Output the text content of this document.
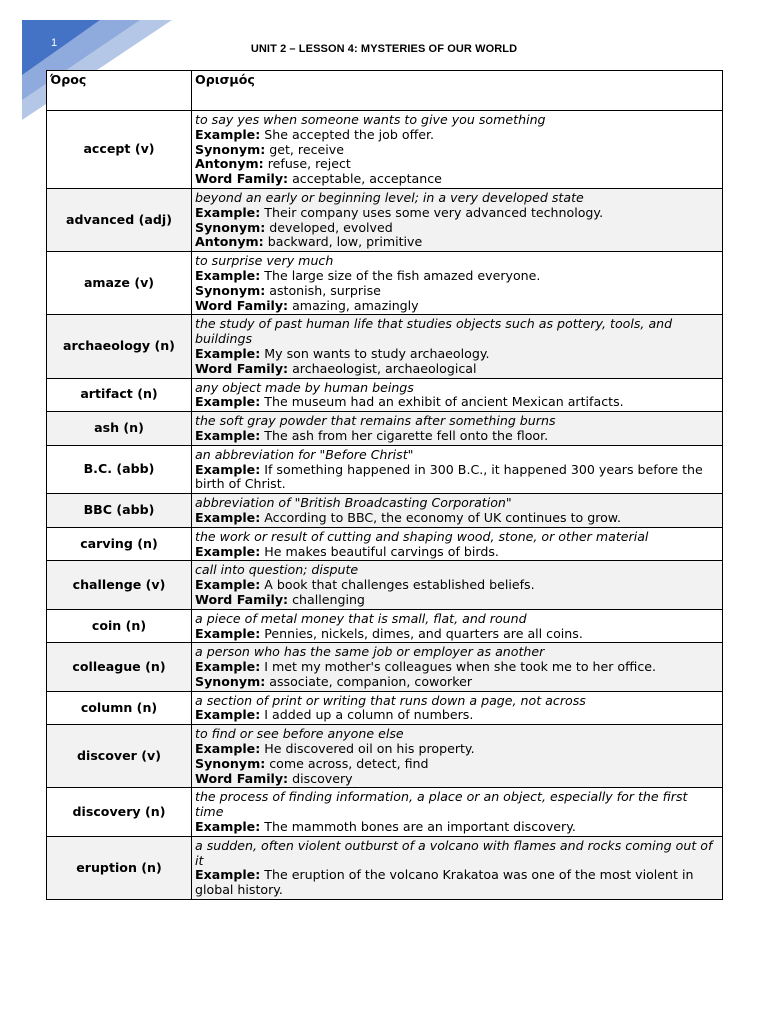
1	UNIT 2 – LESSON 4: MYSTERIES OF OUR WORLD
Όρος	Ορισμός
accept (v)	to say yes when someone wants to give you something
Example: She accepted the job offer.
Synonym: get, receive
Antonym: refuse, reject
Word Family: acceptable, acceptance

advanced (adj)	beyond an early or beginning level; in a very developed state
Example: Their company uses some very advanced technology.
Synonym: developed, evolved
Antonym: backward, low, primitive

amaze (v)	to surprise very much
Example: The large size of the fish amazed everyone.
Synonym: astonish, surprise
Word Family: amazing, amazingly

archaeology (n)	the study of past human life that studies objects such as pottery, tools, and buildings
Example: My son wants to study archaeology.
Word Family: archaeologist, archaeological

artifact (n)	any object made by human beings
Example: The museum had an exhibit of ancient Mexican artifacts.

ash (n)	the soft gray powder that remains after something burns
Example: The ash from her cigarette fell onto the floor.

B.C. (abb)	an abbreviation for "Before Christ"
Example: If something happened in 300 B.C., it happened 300 years before the birth of Christ.

BBC (abb)	abbreviation of "British Broadcasting Corporation"
Example: According to BBC, the economy of UK continues to grow.

carving (n)	the work or result of cutting and shaping wood, stone, or other material
Example: He makes beautiful carvings of birds.

challenge (v)	call into question; dispute
Example: A book that challenges established beliefs.
Word Family: challenging

coin (n)	a piece of metal money that is small, flat, and round
Example: Pennies, nickels, dimes, and quarters are all coins.

colleague (n)	a person who has the same job or employer as another
Example: I met my mother's colleagues when she took me to her office.
Synonym: associate, companion, coworker

column (n)	a section of print or writing that runs down a page, not across
Example: I added up a column of numbers.

discover (v)	to find or see before anyone else
Example: He discovered oil on his property.
Synonym: come across, detect, find
Word Family: discovery

discovery (n)	the process of finding information, a place or an object, especially for the first time
Example: The mammoth bones are an important discovery.

eruption (n)	a sudden, often violent outburst of a volcano with flames and rocks coming out of it
Example: The eruption of the volcano Krakatoa was one of the most violent in global history.
